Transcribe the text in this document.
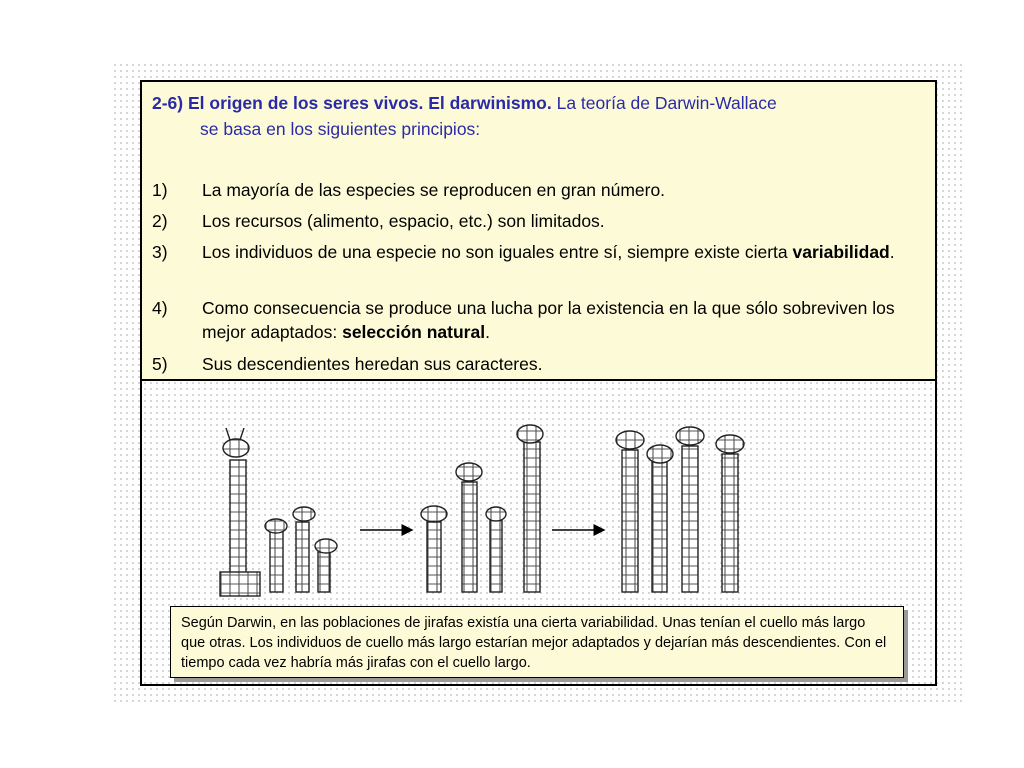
2-6) El origen de los seres vivos. El darwinismo. La teoría de Darwin-Wallace
se basa en los siguientes principios:
1)	La mayoría de las especies se reproducen en gran número.
2)	Los recursos (alimento, espacio, etc.) son limitados.
3)	Los individuos de una especie no son iguales entre sí, siempre existe cierta variabilidad.
4)	Como consecuencia se produce una lucha por la existencia en la que sólo sobreviven los mejor adaptados: selección natural.
5)	Sus descendientes heredan sus caracteres.
Según Darwin, en las poblaciones de jirafas existía una cierta variabilidad. Unas tenían el cuello más largo que otras. Los individuos de cuello más largo estarían mejor adaptados y dejarían más descendientes. Con el tiempo cada vez habría más jirafas con el cuello largo.
